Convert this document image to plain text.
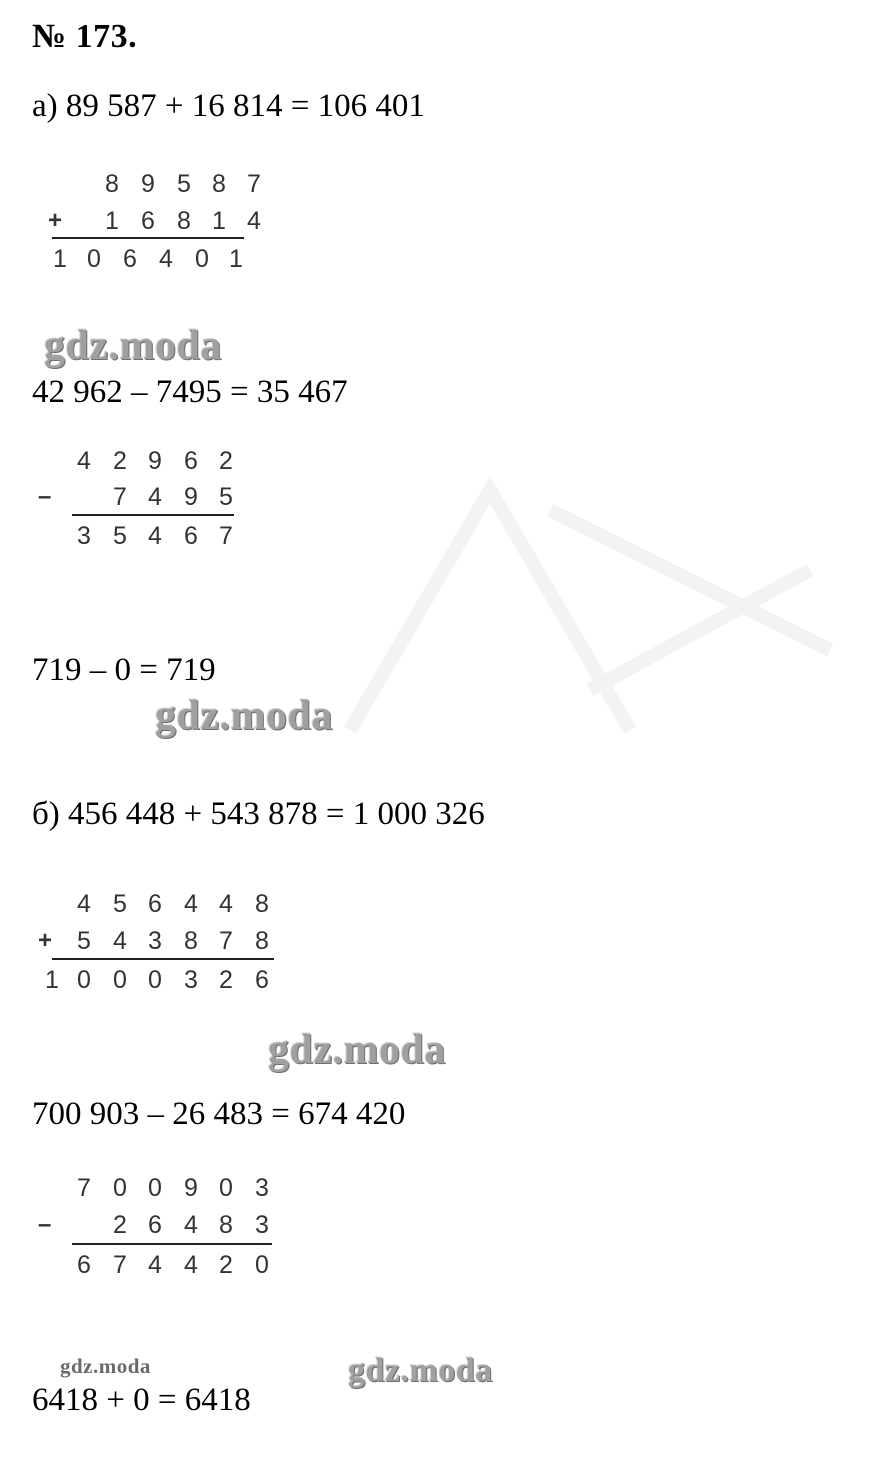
№ 173.
а) 89 587 + 16 814 = 106 401
8 9 5 8 7
+	1 6 8 1 4
1 0 6 4 0 1
gdz.moda
42 962 – 7495 = 35 467
4 2 9 6 2
–	7 4 9 5
3 5 4 6 7
719 – 0 = 719
gdz.moda
б) 456 448 + 543 878 = 1 000 326
4 5 6 4 4 8
+	5 4 3 8 7 8
1 0 0 0 3 2 6
gdz.moda
700 903 – 26 483 = 674 420
7 0 0 9 0 3
–	2 6 4 8 3
6 7 4 4 2 0
gdz.moda	gdz.moda
6418 + 0 = 6418
